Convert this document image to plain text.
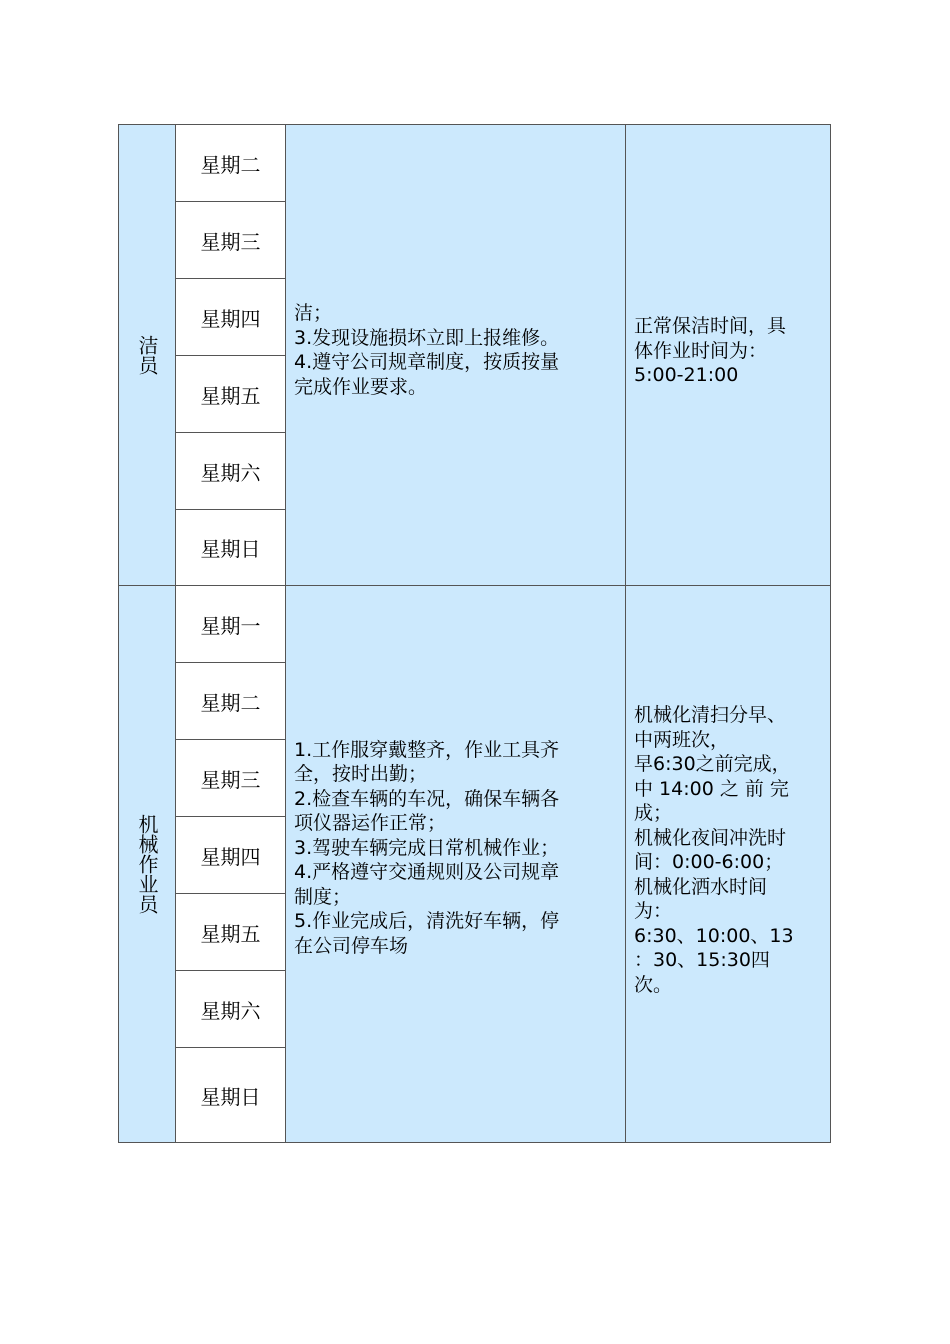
洁员
星期二
星期三
星期四
星期五
星期六
星期日
洁；
3.发现设施损坏立即上报维修。
4.遵守公司规章制度，按质按量
完成作业要求。
正常保洁时间，具
体作业时间为：
5:00-21:00
机械作业员
星期一
星期二
星期三
星期四
星期五
星期六
星期日
1.工作服穿戴整齐，作业工具齐
全，按时出勤；
2.检查车辆的车况，确保车辆各
项仪器运作正常；
3.驾驶车辆完成日常机械作业；
4.严格遵守交通规则及公司规章
制度；
5.作业完成后，清洗好车辆，停
在公司停车场
机械化清扫分早、
中两班次，
早6:30之前完成，
中 14:00 之 前 完
成；
机械化夜间冲洗时
间：0:00-6:00；
机械化洒水时间
为：
6:30、10:00、13
：30、15:30四
次。
